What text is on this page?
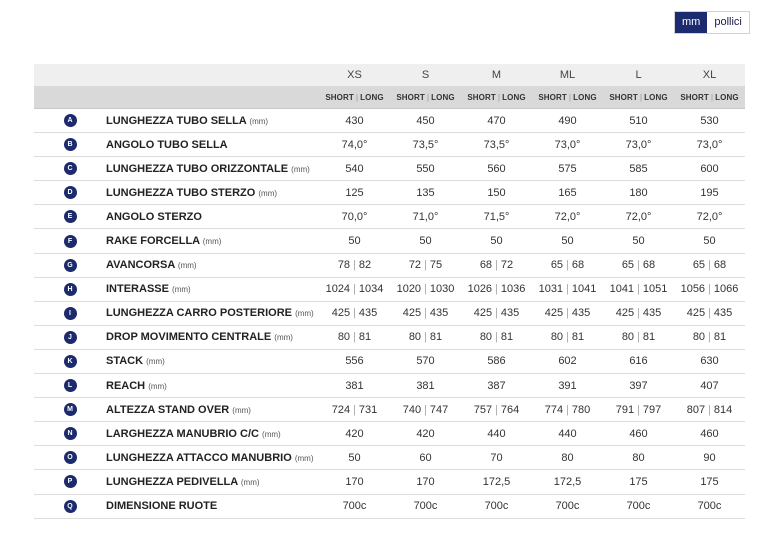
mm	pollici
XS	S	M	ML	L	XL
SHORT | LONG	SHORT | LONG	SHORT | LONG	SHORT | LONG	SHORT | LONG	SHORT | LONG
A	LUNGHEZZA TUBO SELLA (mm)	430	450	470	490	510	530
B	ANGOLO TUBO SELLA	74,0°	73,5°	73,5°	73,0°	73,0°	73,0°
C	LUNGHEZZA TUBO ORIZZONTALE (mm)	540	550	560	575	585	600
D	LUNGHEZZA TUBO STERZO (mm)	125	135	150	165	180	195
E	ANGOLO STERZO	70,0°	71,0°	71,5°	72,0°	72,0°	72,0°
F	RAKE FORCELLA (mm)	50	50	50	50	50	50
G	AVANCORSA (mm)	78 | 82	72 | 75	68 | 72	65 | 68	65 | 68	65 | 68
H	INTERASSE (mm)	1024 | 1034	1020 | 1030	1026 | 1036	1031 | 1041	1041 | 1051	1056 | 1066
I	LUNGHEZZA CARRO POSTERIORE (mm)	425 | 435	425 | 435	425 | 435	425 | 435	425 | 435	425 | 435
J	DROP MOVIMENTO CENTRALE (mm)	80 | 81	80 | 81	80 | 81	80 | 81	80 | 81	80 | 81
K	STACK (mm)	556	570	586	602	616	630
L	REACH (mm)	381	381	387	391	397	407
M	ALTEZZA STAND OVER (mm)	724 | 731	740 | 747	757 | 764	774 | 780	791 | 797	807 | 814
N	LARGHEZZA MANUBRIO C/C (mm)	420	420	440	440	460	460
O	LUNGHEZZA ATTACCO MANUBRIO (mm)	50	60	70	80	80	90
P	LUNGHEZZA PEDIVELLA (mm)	170	170	172,5	172,5	175	175
Q	DIMENSIONE RUOTE	700c	700c	700c	700c	700c	700c
